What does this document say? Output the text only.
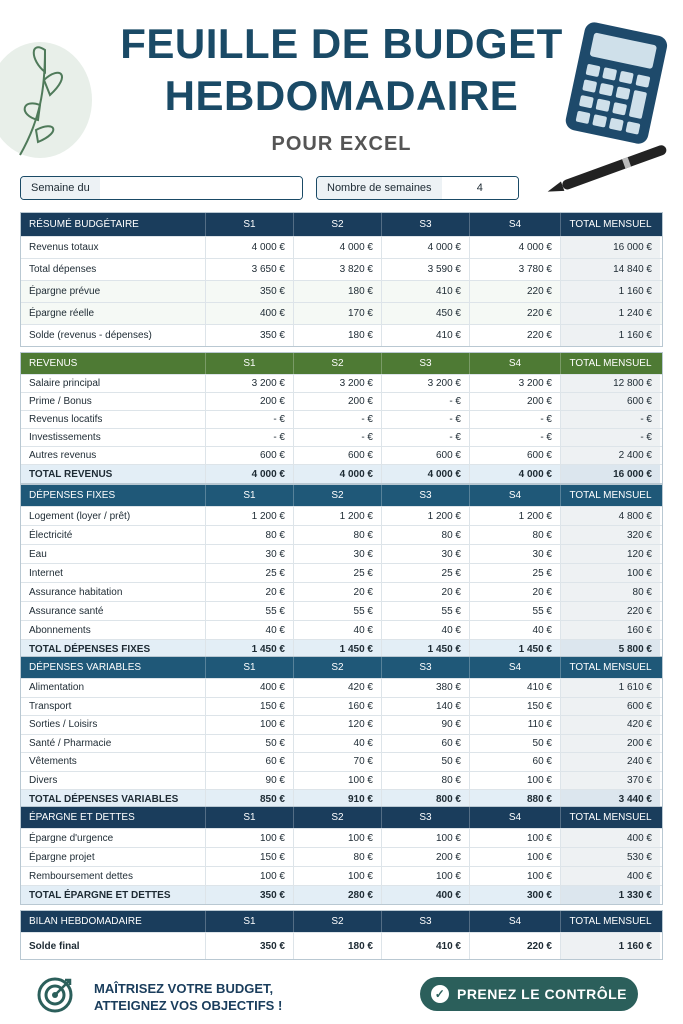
FEUILLE DE BUDGET
HEBDOMADAIRE
POUR EXCEL
Semaine du	Nombre de semaines	4
RÉSUMÉ BUDGÉTAIRE	S1	S2	S3	S4	TOTAL MENSUEL
Revenus totaux	4 000 €	4 000 €	4 000 €	4 000 €	16 000 €
Total dépenses	3 650 €	3 820 €	3 590 €	3 780 €	14 840 €
Épargne prévue	350 €	180 €	410 €	220 €	1 160 €
Épargne réelle	400 €	170 €	450 €	220 €	1 240 €
Solde (revenus - dépenses)	350 €	180 €	410 €	220 €	1 160 €
REVENUS	S1	S2	S3	S4	TOTAL MENSUEL
Salaire principal	3 200 €	3 200 €	3 200 €	3 200 €	12 800 €
Prime / Bonus	200 €	200 €	- €	200 €	600 €
Revenus locatifs	- €	- €	- €	- €	- €
Investissements	- €	- €	- €	- €	- €
Autres revenus	600 €	600 €	600 €	600 €	2 400 €
TOTAL REVENUS	4 000 €	4 000 €	4 000 €	4 000 €	16 000 €
DÉPENSES FIXES	S1	S2	S3	S4	TOTAL MENSUEL
Logement (loyer / prêt)	1 200 €	1 200 €	1 200 €	1 200 €	4 800 €
Électricité	80 €	80 €	80 €	80 €	320 €
Eau	30 €	30 €	30 €	30 €	120 €
Internet	25 €	25 €	25 €	25 €	100 €
Assurance habitation	20 €	20 €	20 €	20 €	80 €
Assurance santé	55 €	55 €	55 €	55 €	220 €
Abonnements	40 €	40 €	40 €	40 €	160 €
TOTAL DÉPENSES FIXES	1 450 €	1 450 €	1 450 €	1 450 €	5 800 €
DÉPENSES VARIABLES	S1	S2	S3	S4	TOTAL MENSUEL
Alimentation	400 €	420 €	380 €	410 €	1 610 €
Transport	150 €	160 €	140 €	150 €	600 €
Sorties / Loisirs	100 €	120 €	90 €	110 €	420 €
Santé / Pharmacie	50 €	40 €	60 €	50 €	200 €
Vêtements	60 €	70 €	50 €	60 €	240 €
Divers	90 €	100 €	80 €	100 €	370 €
TOTAL DÉPENSES VARIABLES	850 €	910 €	800 €	880 €	3 440 €
ÉPARGNE ET DETTES	S1	S2	S3	S4	TOTAL MENSUEL
Épargne d'urgence	100 €	100 €	100 €	100 €	400 €
Épargne projet	150 €	80 €	200 €	100 €	530 €
Remboursement dettes	100 €	100 €	100 €	100 €	400 €
TOTAL ÉPARGNE ET DETTES	350 €	280 €	400 €	300 €	1 330 €
BILAN HEBDOMADAIRE	S1	S2	S3	S4	TOTAL MENSUEL
Solde final	350 €	180 €	410 €	220 €	1 160 €
MAÎTRISEZ VOTRE BUDGET,
ATTEIGNEZ VOS OBJECTIFS !
✓ PRENEZ LE CONTRÔLE
